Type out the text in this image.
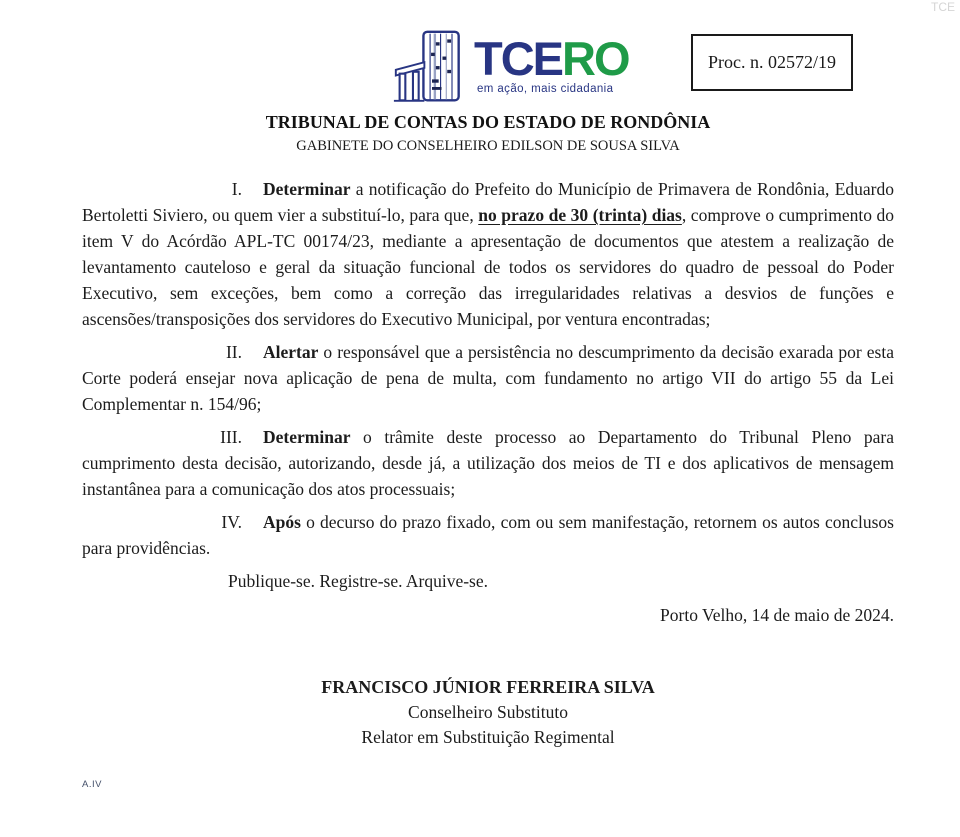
TCE
TCERO
em ação, mais cidadania
Proc. n. 02572/19
TRIBUNAL DE CONTAS DO ESTADO DE RONDÔNIA
GABINETE DO CONSELHEIRO EDILSON DE SOUSA SILVA

I. Determinar a notificação do Prefeito do Município de Primavera de Rondônia, Eduardo Bertoletti Siviero, ou quem vier a substituí-lo, para que, no prazo de 30 (trinta) dias, comprove o cumprimento do item V do Acórdão APL-TC 00174/23, mediante a apresentação de documentos que atestem a realização de levantamento cauteloso e geral da situação funcional de todos os servidores do quadro de pessoal do Poder Executivo, sem exceções, bem como a correção das irregularidades relativas a desvios de funções e ascensões/transposições dos servidores do Executivo Municipal, por ventura encontradas;

II. Alertar o responsável que a persistência no descumprimento da decisão exarada por esta Corte poderá ensejar nova aplicação de pena de multa, com fundamento no artigo VII do artigo 55 da Lei Complementar n. 154/96;

III. Determinar o trâmite deste processo ao Departamento do Tribunal Pleno para cumprimento desta decisão, autorizando, desde já, a utilização dos meios de TI e dos aplicativos de mensagem instantânea para a comunicação dos atos processuais;

IV. Após o decurso do prazo fixado, com ou sem manifestação, retornem os autos conclusos para providências.

Publique-se. Registre-se. Arquive-se.

Porto Velho, 14 de maio de 2024.

FRANCISCO JÚNIOR FERREIRA SILVA
Conselheiro Substituto
Relator em Substituição Regimental
A.IV
